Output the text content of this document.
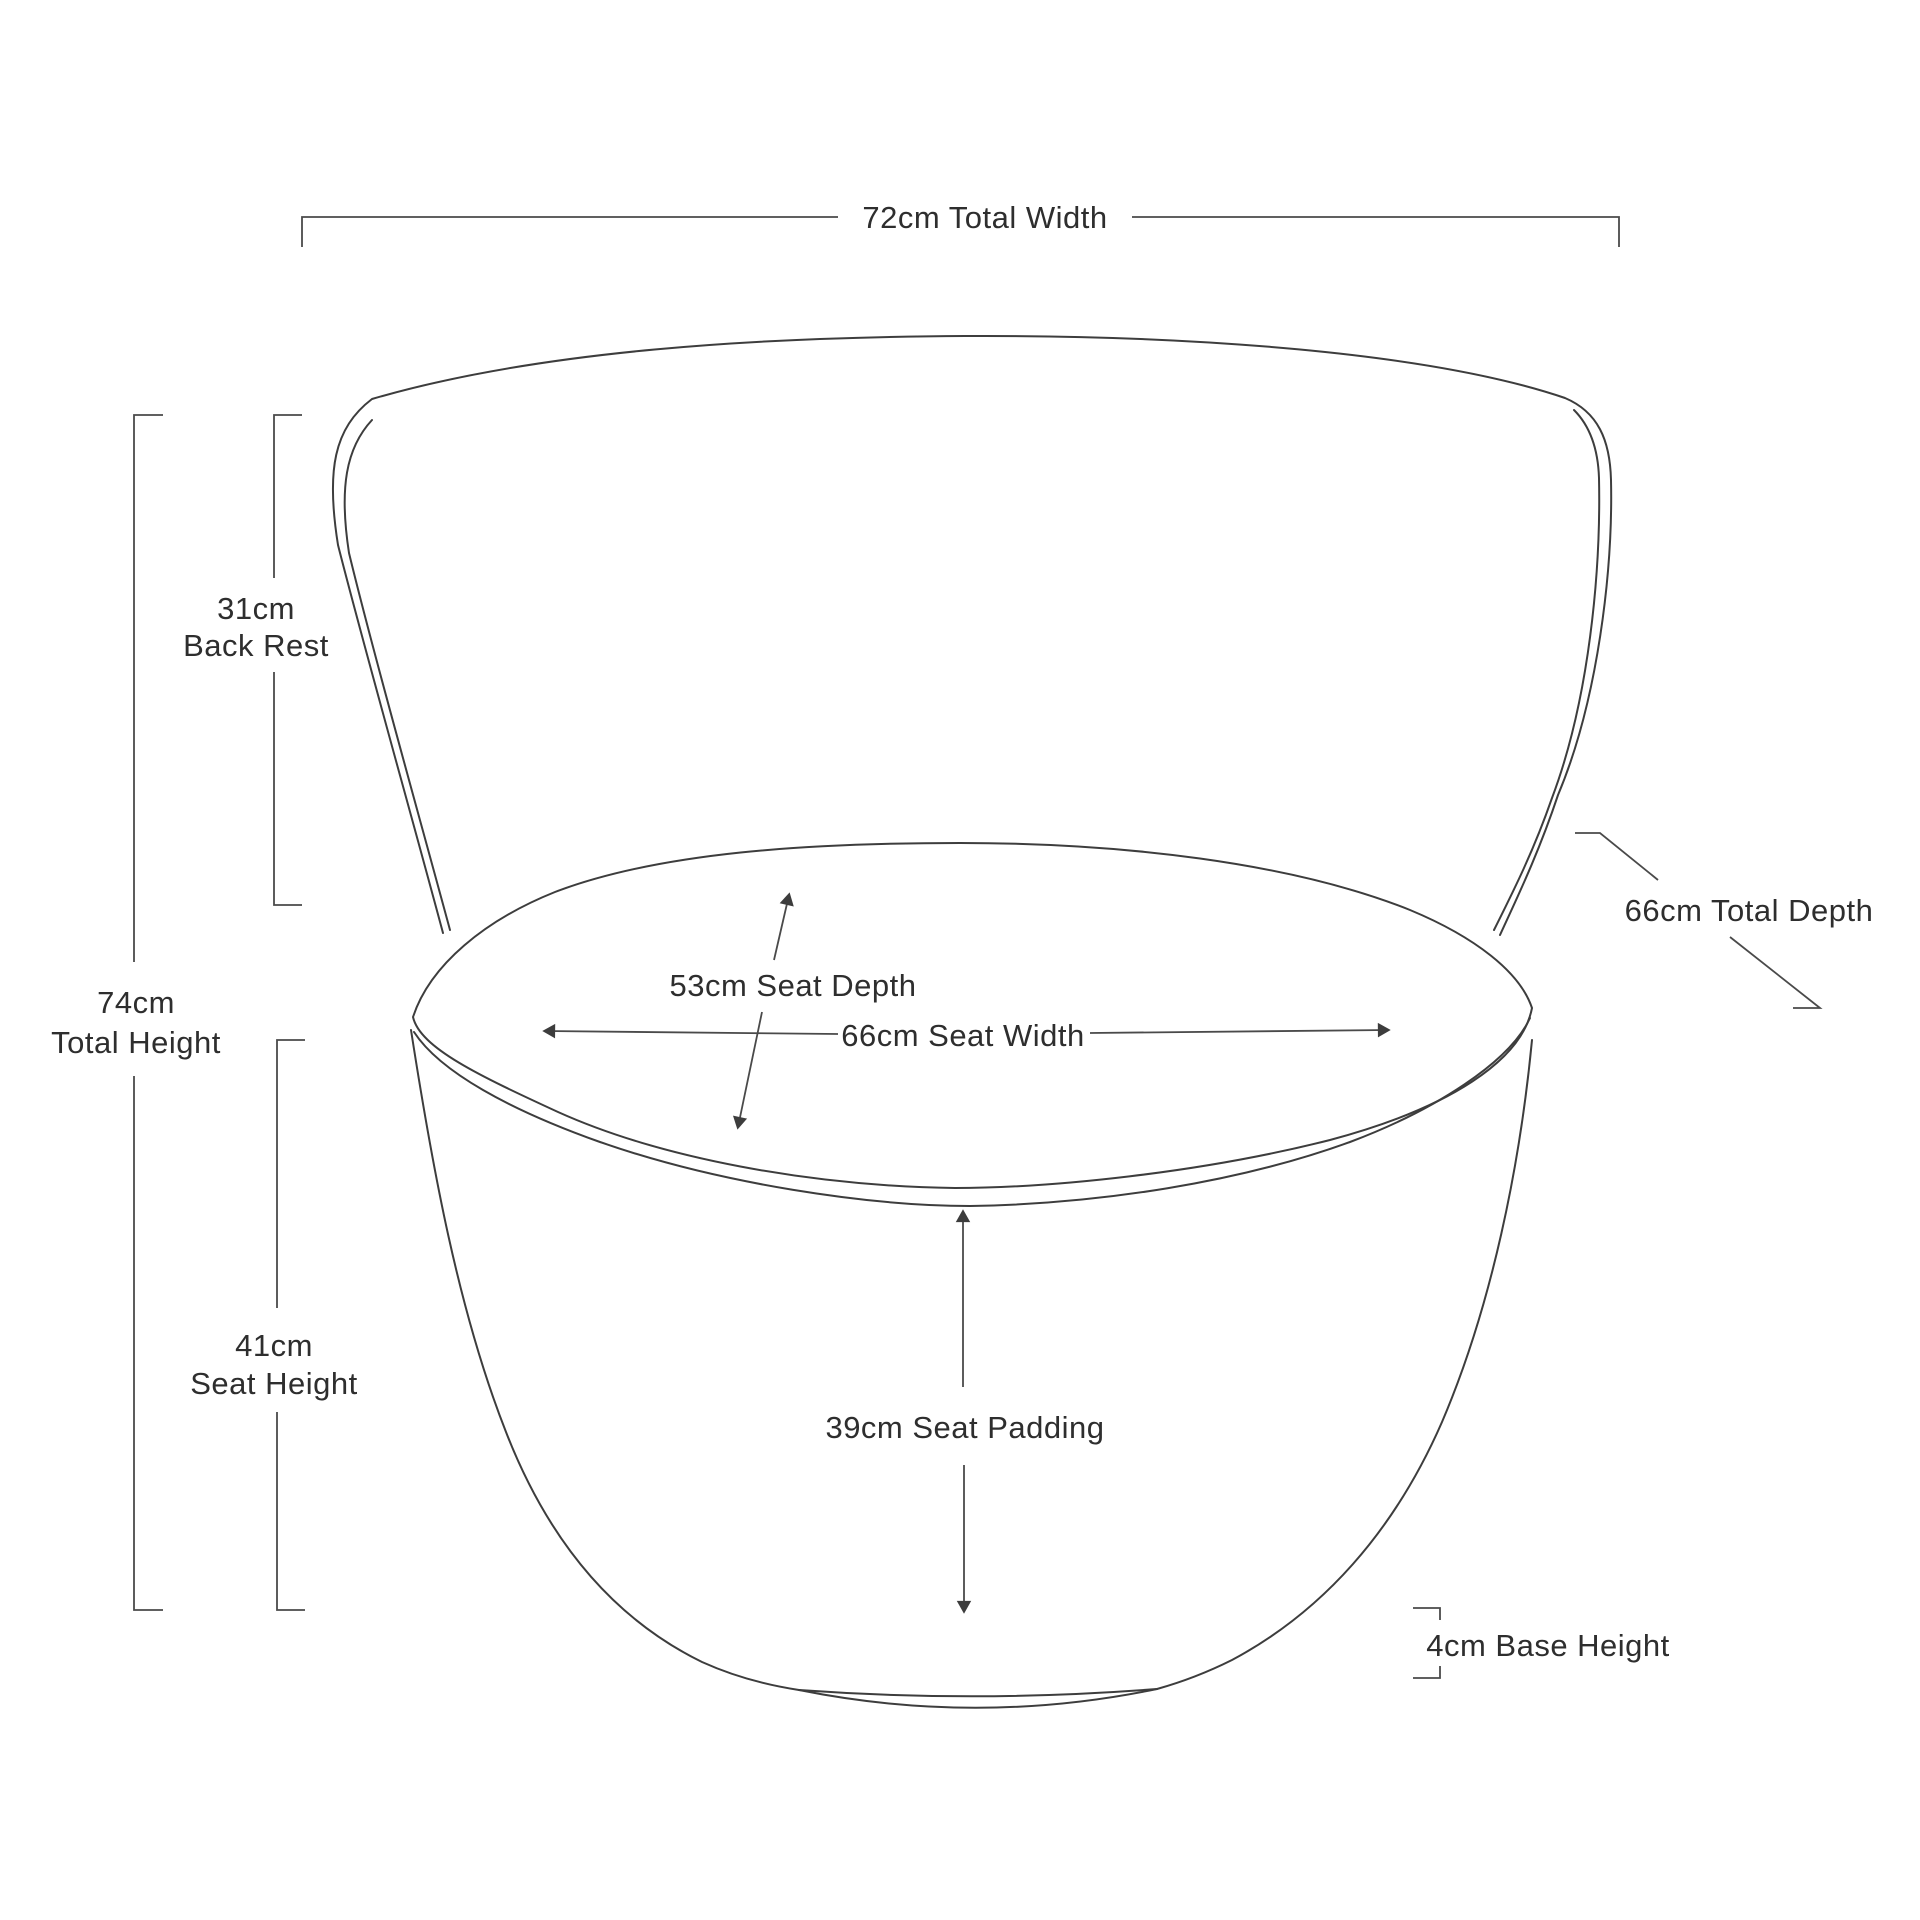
72cm Total Width
31cm
Back Rest
74cm
Total Height
41cm
Seat Height
53cm Seat Depth
66cm Seat Width
39cm Seat Padding
66cm Total Depth
4cm Base Height
